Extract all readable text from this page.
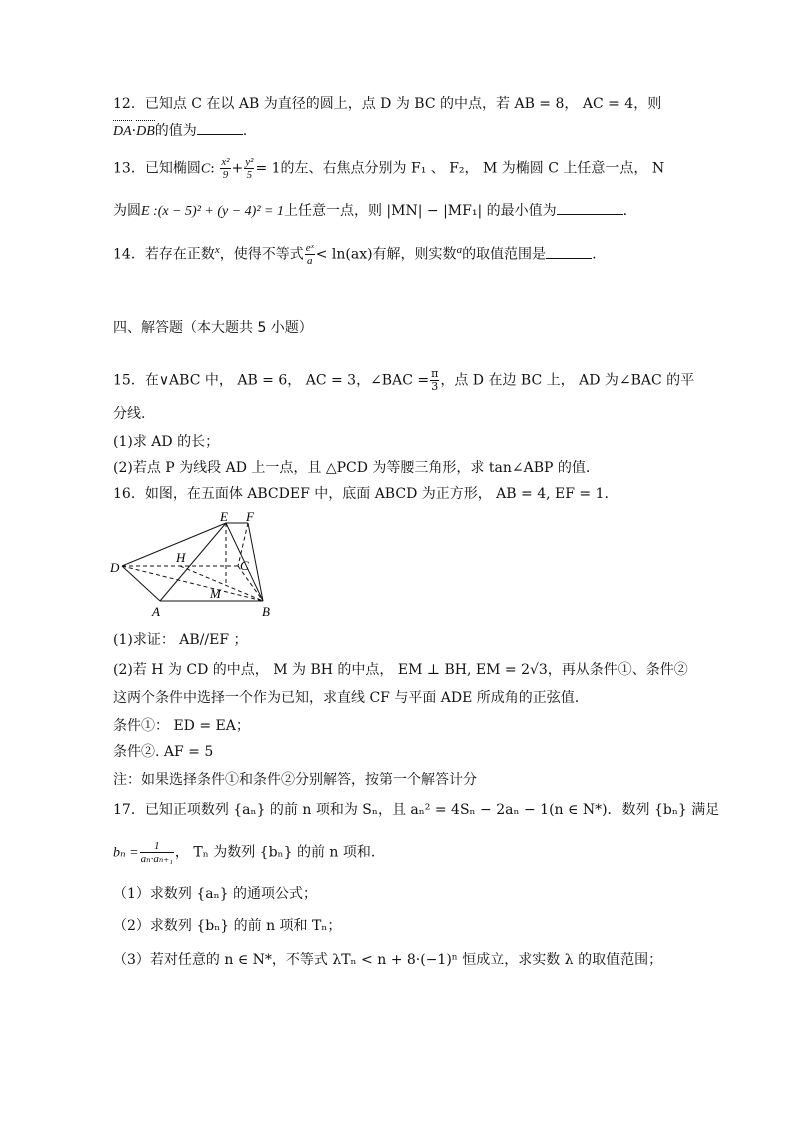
12．已知点 C 在以 AB 为直径的圆上，点 D 为 BC 的中点，若 AB = 8， AC = 4，则
DA·DB的值为	.
13．已知椭圆C: $\frac{\text{x²}}{9} + \frac{\text{y²}}{5} = 1$的左、右焦点分别为 F₁ 、 F₂， M 为椭圆 C 上任意一点， N
为圆E :(x − 5)² + (y − 4)² = 1上任意一点，则 |MN| − |MF₁| 的最小值为	.
14．若存在正数$^x$，使得不等式 $\frac{\text{eˣ}}{a} < \ln(ax)$有解，则实数$^a$的取值范围是	.
四、解答题（本大题共 5 小题）
15．在∨ABC 中， AB = 6， AC = 3，∠BAC = $\frac{\pi}{3}$ ，点 D 在边 BC 上， AD 为∠BAC 的平
分线.
(1)求 AD 的长；
(2)若点 P 为线段 AD 上一点，且 △PCD 为等腰三角形，求 tan∠ABP 的值.
16．如图，在五面体 ABCDEF 中，底面 ABCD 为正方形， AB = 4, EF = 1.
E F
D
H
C
M
A	B
(1)求证： AB//EF ；
(2)若 H 为 CD 的中点， M 为 BH 的中点， EM ⊥ BH, EM = 2√3，再从条件①、条件②
这两个条件中选择一个作为已知，求直线 CF 与平面 ADE 所成角的正弦值.
条件①： ED = EA；
条件②. AF = 5
注：如果选择条件①和条件②分别解答，按第一个解答计分
17．已知正项数列 {aₙ} 的前 n 项和为 Sₙ，且 aₙ² = 4Sₙ − 2aₙ − 1(n ∈ N*)．数列 {bₙ} 满足
$b_n = \frac{1}{\text{aₙ·aₙ₊₁}}$ ， Tₙ 为数列 {bₙ} 的前 n 项和.
（1）求数列 {aₙ} 的通项公式；
（2）求数列 {bₙ} 的前 n 项和 Tₙ；
（3）若对任意的 n ∈ N*，不等式 λTₙ < n + 8·(−1)ⁿ 恒成立，求实数 λ 的取值范围；
